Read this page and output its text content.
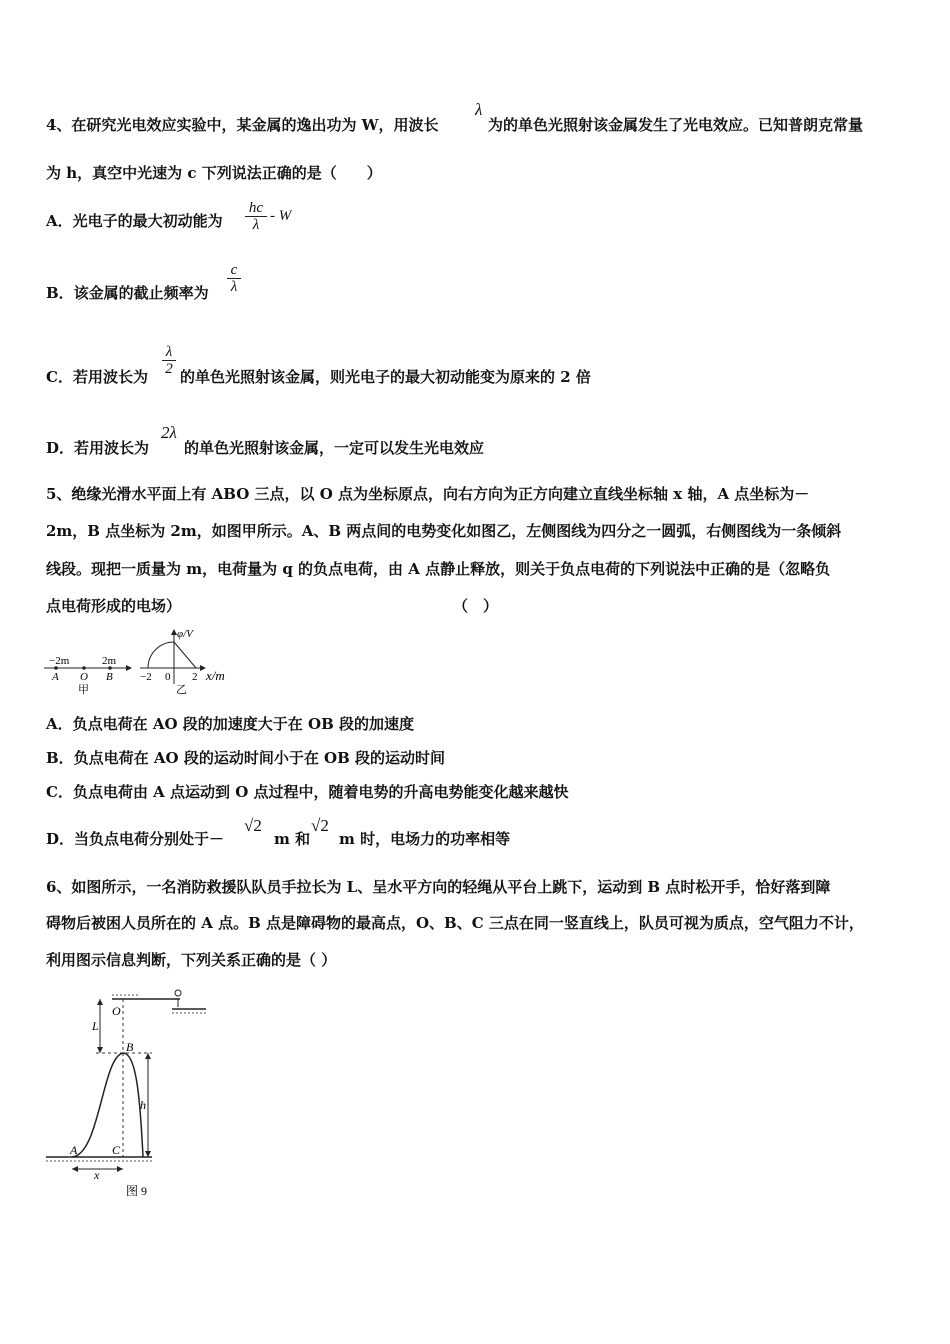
4、在研究光电效应实验中，某金属的逸出功为 W，用波长
λ
为的单色光照射该金属发生了光电效应。已知普朗克常量
为 h，真空中光速为 c 下列说法正确的是（　　）
A．光电子的最大初动能为
hc
λ
- W
B．该金属的截止频率为
c
λ
C．若用波长为
λ
2 的单色光照射该金属，则光电子的最大初动能变为原来的 2 倍
D．若用波长为
2λ
的单色光照射该金属，一定可以发生光电效应
5、绝缘光滑水平面上有 ABO 三点，以 O 点为坐标原点，向右方向为正方向建立直线坐标轴 x 轴，A 点坐标为－
2m，B 点坐标为 2m，如图甲所示。A、B 两点间的电势变化如图乙，左侧图线为四分之一圆弧，右侧图线为一条倾斜
线段。现把一质量为 m，电荷量为 q 的负点电荷，由 A 点静止释放，则关于负点电荷的下列说法中正确的是（忽略负
点电荷形成的电场）	（　）
−2m	2m
A O B
甲
φ/V
x/m
−2 0 2
乙
A．负点电荷在 AO 段的加速度大于在 OB 段的加速度
B．负点电荷在 AO 段的运动时间小于在 OB 段的运动时间
C．负点电荷由 A 点运动到 O 点过程中，随着电势的升高电势能变化越来越快
D．当负点电荷分别处于－
√2
m 和
√2
m 时，电场力的功率相等
6、如图所示，一名消防救援队队员手拉长为 L、呈水平方向的轻绳从平台上跳下，运动到 B 点时松开手，恰好落到障
碍物后被困人员所在的 A 点。B 点是障碍物的最高点，O、B、C 三点在同一竖直线上，队员可视为质点，空气阻力不计，
利用图示信息判断，下列关系正确的是（ ）
O
L
B
h
A	C
x
图 9
